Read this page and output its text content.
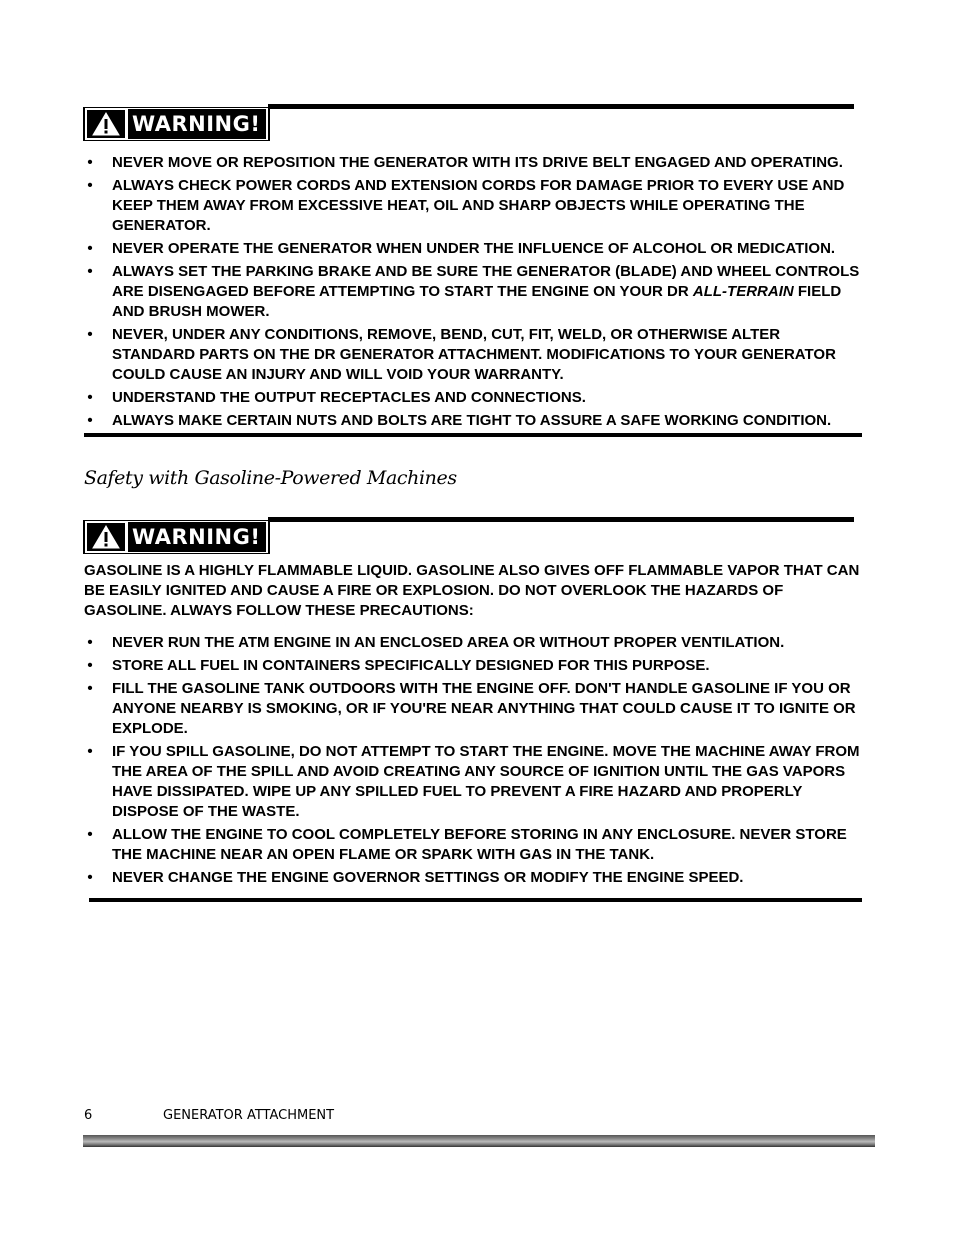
WARNING!
• NEVER MOVE OR REPOSITION THE GENERATOR WITH ITS DRIVE BELT ENGAGED AND OPERATING.
• ALWAYS CHECK POWER CORDS AND EXTENSION CORDS FOR DAMAGE PRIOR TO EVERY USE AND KEEP THEM AWAY FROM EXCESSIVE HEAT, OIL AND SHARP OBJECTS WHILE OPERATING THE GENERATOR.
• NEVER OPERATE THE GENERATOR WHEN UNDER THE INFLUENCE OF ALCOHOL OR MEDICATION.
• ALWAYS SET THE PARKING BRAKE AND BE SURE THE GENERATOR (BLADE) AND WHEEL CONTROLS ARE DISENGAGED BEFORE ATTEMPTING TO START THE ENGINE ON YOUR DR ALL-TERRAIN FIELD AND BRUSH MOWER.
• NEVER, UNDER ANY CONDITIONS, REMOVE, BEND, CUT, FIT, WELD, OR OTHERWISE ALTER STANDARD PARTS ON THE DR GENERATOR ATTACHMENT. MODIFICATIONS TO YOUR GENERATOR COULD CAUSE AN INJURY AND WILL VOID YOUR WARRANTY.
• UNDERSTAND THE OUTPUT RECEPTACLES AND CONNECTIONS.
• ALWAYS MAKE CERTAIN NUTS AND BOLTS ARE TIGHT TO ASSURE A SAFE WORKING CONDITION.
Safety with Gasoline-Powered Machines
WARNING!
GASOLINE IS A HIGHLY FLAMMABLE LIQUID. GASOLINE ALSO GIVES OFF FLAMMABLE VAPOR THAT CAN BE EASILY IGNITED AND CAUSE A FIRE OR EXPLOSION. DO NOT OVERLOOK THE HAZARDS OF GASOLINE. ALWAYS FOLLOW THESE PRECAUTIONS:
• NEVER RUN THE ATM ENGINE IN AN ENCLOSED AREA OR WITHOUT PROPER VENTILATION.
• STORE ALL FUEL IN CONTAINERS SPECIFICALLY DESIGNED FOR THIS PURPOSE.
• FILL THE GASOLINE TANK OUTDOORS WITH THE ENGINE OFF. DON'T HANDLE GASOLINE IF YOU OR ANYONE NEARBY IS SMOKING, OR IF YOU'RE NEAR ANYTHING THAT COULD CAUSE IT TO IGNITE OR EXPLODE.
• IF YOU SPILL GASOLINE, DO NOT ATTEMPT TO START THE ENGINE. MOVE THE MACHINE AWAY FROM THE AREA OF THE SPILL AND AVOID CREATING ANY SOURCE OF IGNITION UNTIL THE GAS VAPORS HAVE DISSIPATED. WIPE UP ANY SPILLED FUEL TO PREVENT A FIRE HAZARD AND PROPERLY DISPOSE OF THE WASTE.
• ALLOW THE ENGINE TO COOL COMPLETELY BEFORE STORING IN ANY ENCLOSURE. NEVER STORE THE MACHINE NEAR AN OPEN FLAME OR SPARK WITH GAS IN THE TANK.
• NEVER CHANGE THE ENGINE GOVERNOR SETTINGS OR MODIFY THE ENGINE SPEED.
6	GENERATOR ATTACHMENT
